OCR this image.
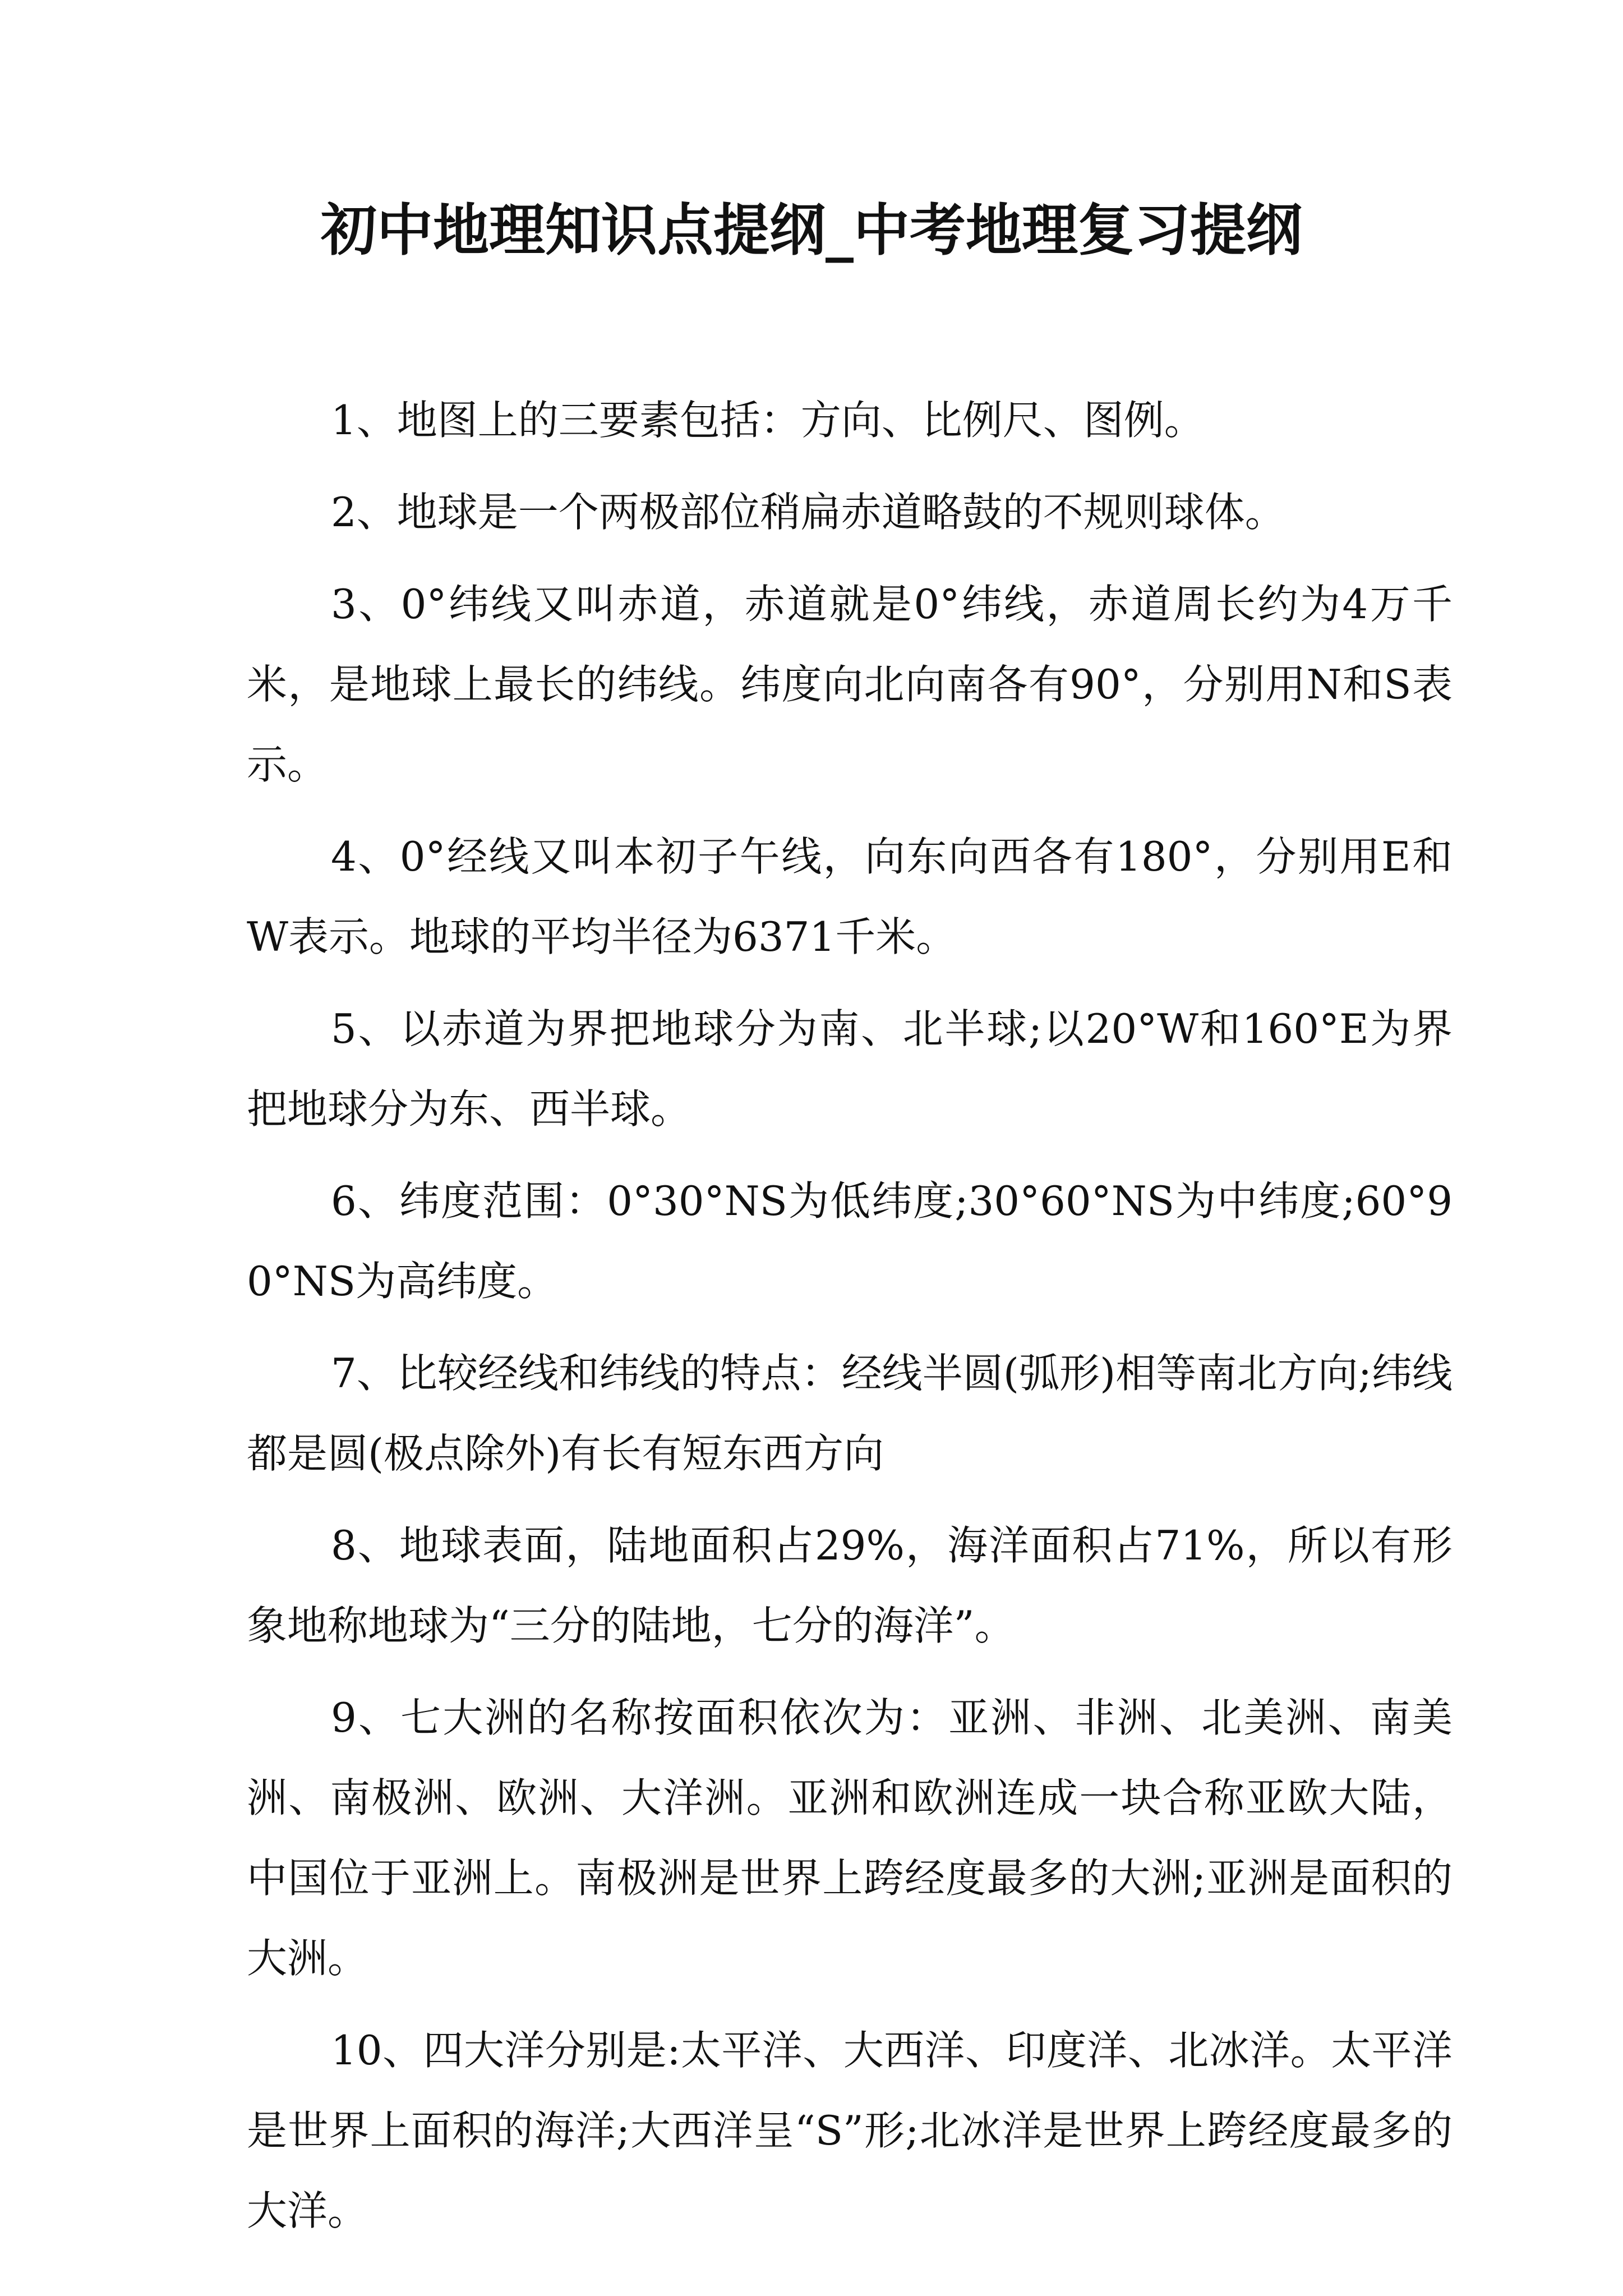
初中地理知识点提纲_中考地理复习提纲

1、地图上的三要素包括：方向、比例尺、图例。

2、地球是一个两极部位稍扁赤道略鼓的不规则球体。

3、0°纬线又叫赤道，赤道就是0°纬线，赤道周长约为4万千米，是地球上最长的纬线。纬度向北向南各有90°，分别用N和S表示。

4、0°经线又叫本初子午线，向东向西各有180°，分别用E和W表示。地球的平均半径为6371千米。

5、以赤道为界把地球分为南、北半球;以20°W和160°E为界把地球分为东、西半球。

6、纬度范围：0°30°NS为低纬度;30°60°NS为中纬度;60°90°NS为高纬度。

7、比较经线和纬线的特点：经线半圆(弧形)相等南北方向;纬线都是圆(极点除外)有长有短东西方向

8、地球表面，陆地面积占29%，海洋面积占71%，所以有形象地称地球为“三分的陆地，七分的海洋”。

9、七大洲的名称按面积依次为：亚洲、非洲、北美洲、南美洲、南极洲、欧洲、大洋洲。亚洲和欧洲连成一块合称亚欧大陆，中国位于亚洲上。南极洲是世界上跨经度最多的大洲;亚洲是面积的大洲。

10、四大洋分别是:太平洋、大西洋、印度洋、北冰洋。太平洋是世界上面积的海洋;大西洋呈“S”形;北冰洋是世界上跨经度最多的大洋。
